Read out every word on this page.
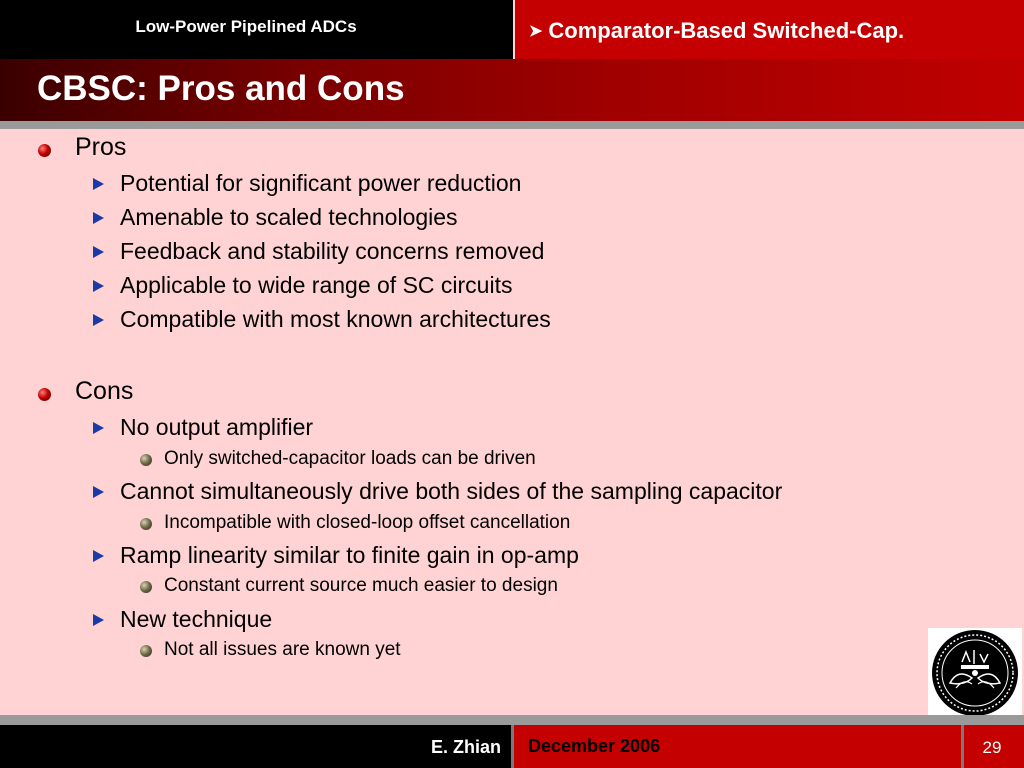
Low-Power Pipelined ADCs	➤ Comparator-Based Switched-Cap.
CBSC: Pros and Cons
Pros
Potential for significant power reduction
Amenable to scaled technologies
Feedback and stability concerns removed
Applicable to wide range of SC circuits
Compatible with most known architectures
Cons
No output amplifier
Only switched-capacitor loads can be driven
Cannot simultaneously drive both sides of the sampling capacitor
Incompatible with closed-loop offset cancellation
Ramp linearity similar to finite gain in op-amp
Constant current source much easier to design
New technique
Not all issues are known yet
E. Zhian December 2006	29
